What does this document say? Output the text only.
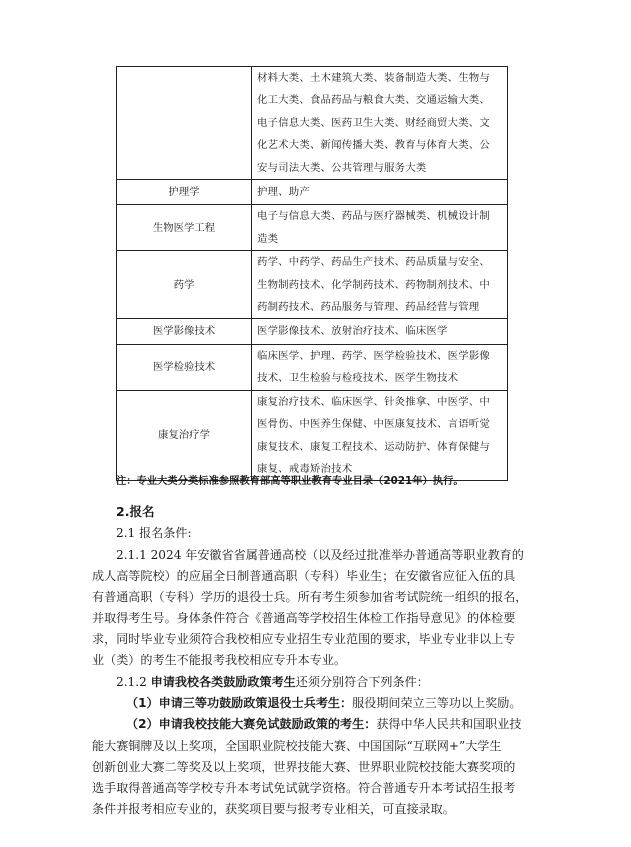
	材料大类、土木建筑大类、装备制造大类、生物与
化工大类、食品药品与粮食大类、交通运输大类、
电子信息大类、医药卫生大类、财经商贸大类、文
化艺术大类、新闻传播大类、教育与体育大类、公
安与司法大类、公共管理与服务大类

护理学	护理、助产

生物医学工程	电子与信息大类、药品与医疗器械类、机械设计制
造类

药学	药学、中药学、药品生产技术、药品质量与安全、
生物制药技术、化学制药技术、药物制剂技术、中
药制药技术、药品服务与管理、药品经营与管理

医学影像技术	医学影像技术、放射治疗技术、临床医学

医学检验技术	临床医学、护理、药学、医学检验技术、医学影像
技术、卫生检验与检疫技术、医学生物技术

康复治疗学	康复治疗技术、临床医学、针灸推拿、中医学、中
医骨伤、中医养生保健、中医康复技术、言语听觉
康复技术、康复工程技术、运动防护、体育保健与
康复、戒毒矫治技术
注：专业大类分类标准参照教育部高等职业教育专业目录（2021年）执行。
2.报名
2.1 报名条件:
2.1.1 2024 年安徽省省属普通高校（以及经过批准举办普通高等职业教育的
成人高等院校）的应届全日制普通高职（专科）毕业生；在安徽省应征入伍的具
有普通高职（专科）学历的退役士兵。所有考生须参加省考试院统一组织的报名，
并取得考生号。身体条件符合《普通高等学校招生体检工作指导意见》的体检要
求，同时毕业专业须符合我校相应专业招生专业范围的要求，毕业专业非以上专
业（类）的考生不能报考我校相应专升本专业。
2.1.2 申请我校各类鼓励政策考生还须分别符合下列条件：
（1）申请三等功鼓励政策退役士兵考生：服役期间荣立三等功以上奖励。
（2）申请我校技能大赛免试鼓励政策的考生：获得中华人民共和国职业技
能大赛铜牌及以上奖项，全国职业院校技能大赛、中国国际“互联网+”大学生
创新创业大赛二等奖及以上奖项，世界技能大赛、世界职业院校技能大赛奖项的
选手取得普通高等学校专升本考试免试就学资格。符合普通专升本考试招生报考
条件并报考相应专业的，获奖项目要与报考专业相关，可直接录取。
